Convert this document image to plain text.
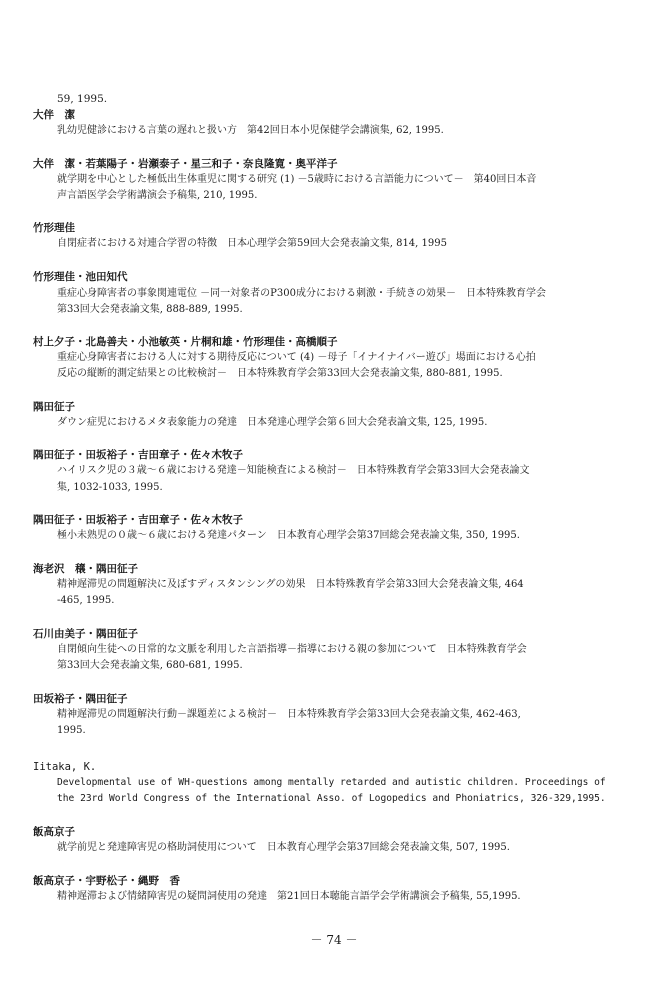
59, 1995.
大伴　潔
乳幼児健診における言葉の遅れと扱い方　第42回日本小児保健学会講演集, 62, 1995.
大伴　潔・若葉陽子・岩瀬泰子・星三和子・奈良隆寛・奥平洋子
就学期を中心とした極低出生体重児に関する研究 (1) －5歳時における言語能力について－　第40回日本音
声言語医学会学術講演会予稿集, 210, 1995.
竹形理佳
自閉症者における対連合学習の特徴　日本心理学会第59回大会発表論文集, 814, 1995
竹形理佳・池田知代
重症心身障害者の事象関連電位 －同一対象者のP300成分における刺激・手続きの効果－　日本特殊教育学会
第33回大会発表論文集, 888-889, 1995.
村上夕子・北島善夫・小池敏英・片桐和雄・竹形理佳・高橋順子
重症心身障害者における人に対する期待反応について (4) －母子「イナイナイバー遊び」場面における心拍
反応の縦断的測定結果との比較検討－　日本特殊教育学会第33回大会発表論文集, 880-881, 1995.
隅田征子
ダウン症児におけるメタ表象能力の発達　日本発達心理学会第６回大会発表論文集, 125, 1995.
隅田征子・田坂裕子・吉田章子・佐々木牧子
ハイリスク児の３歳～６歳における発達－知能検査による検討－　日本特殊教育学会第33回大会発表論文
集, 1032-1033, 1995.
隅田征子・田坂裕子・吉田章子・佐々木牧子
極小未熟児の０歳～６歳における発達パターン　日本教育心理学会第37回総会発表論文集, 350, 1995.
海老沢　穣・隅田征子
精神遅滞児の問題解決に及ぼすディスタンシングの効果　日本特殊教育学会第33回大会発表論文集, 464
-465, 1995.
石川由美子・隅田征子
自閉傾向生徒への日常的な文脈を利用した言語指導－指導における親の参加について　日本特殊教育学会
第33回大会発表論文集, 680-681, 1995.
田坂裕子・隅田征子
精神遅滞児の問題解決行動－課題差による検討－　日本特殊教育学会第33回大会発表論文集, 462-463,
1995.
Iitaka, K.
Developmental use of WH-questions among mentally retarded and autistic children. Proceedings of
the 23rd World Congress of the International Asso. of Logopedics and Phoniatrics, 326-329,1995.
飯高京子
就学前児と発達障害児の格助詞使用について　日本教育心理学会第37回総会発表論文集, 507, 1995.
飯高京子・宇野松子・縄野　香
精神遅滞および情緒障害児の疑問詞使用の発達　第21回日本聴能言語学会学術講演会予稿集, 55,1995.
－ 74 －
